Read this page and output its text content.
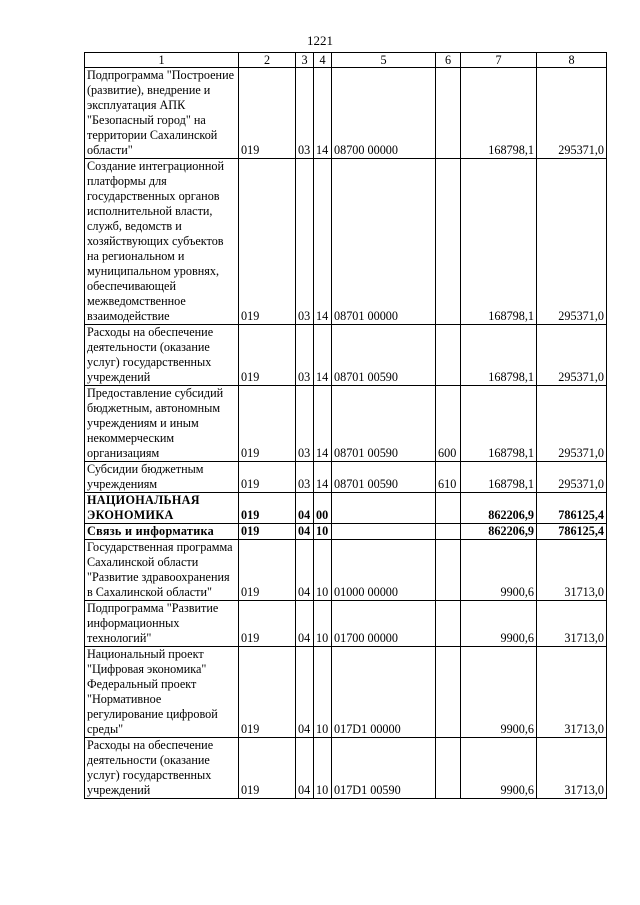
1221
1	2	3	4	5	6	7	8
Подпрограмма "Построение (развитие), внедрение и эксплуатация АПК "Безопасный город" на территории Сахалинской области"	019	03	14	08700 00000		168798,1	295371,0
Создание интеграционной платформы для государственных органов исполнительной власти, служб, ведомств и хозяйствующих субъектов на региональном и муниципальном уровнях, обеспечивающей межведомственное взаимодействие	019	03	14	08701 00000		168798,1	295371,0
Расходы на обеспечение деятельности (оказание услуг) государственных учреждений	019	03	14	08701 00590		168798,1	295371,0
Предоставление субсидий бюджетным, автономным учреждениям и иным некоммерческим организациям	019	03	14	08701 00590	600	168798,1	295371,0
Субсидии бюджетным учреждениям	019	03	14	08701 00590	610	168798,1	295371,0
НАЦИОНАЛЬНАЯ ЭКОНОМИКА	019	04	00			862206,9	786125,4
Связь и информатика	019	04	10			862206,9	786125,4
Государственная программа Сахалинской области "Развитие здравоохранения в Сахалинской области"	019	04	10	01000 00000		9900,6	31713,0
Подпрограмма "Развитие информационных технологий"	019	04	10	01700 00000		9900,6	31713,0
Национальный проект "Цифровая экономика" Федеральный проект "Нормативное регулирование цифровой среды"	019	04	10	017D1 00000		9900,6	31713,0
Расходы на обеспечение деятельности (оказание услуг) государственных учреждений	019	04	10	017D1 00590		9900,6	31713,0
